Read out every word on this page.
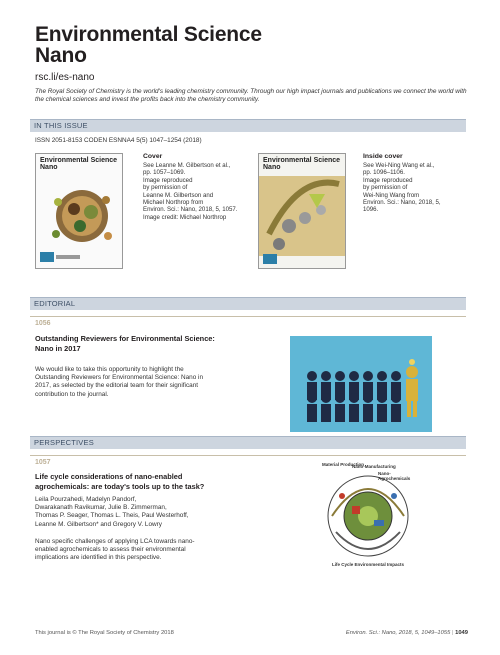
Environmental Science
Nano
rsc.li/es-nano
The Royal Society of Chemistry is the world's leading chemistry community. Through our high impact journals and publications we connect the world with the chemical sciences and invest the profits back into the chemistry community.
IN THIS ISSUE
ISSN 2051-8153 CODEN ESNNA4 5(5) 1047–1254 (2018)
Environmental Science Nano
Cover
See Leanne M. Gilbertson et al.,
pp. 1057–1069.
Image reproduced
by permission of
Leanne M. Gilbertson and
Michael Northrop from
Environ. Sci.: Nano, 2018, 5, 1057.
Image credit: Michael Northrop
Environmental Science Nano
Inside cover
See Wei-Ning Wang et al.,
pp. 1096–1106.
Image reproduced
by permission of
Wei-Ning Wang from
Environ. Sci.: Nano, 2018, 5,
1096.
EDITORIAL
1056
Outstanding Reviewers for Environmental Science:
Nano in 2017
We would like to take this opportunity to highlight the
Outstanding Reviewers for Environmental Science: Nano in
2017, as selected by the editorial team for their significant
contribution to the journal.
PERSPECTIVES
1057
Life cycle considerations of nano-enabled
agrochemicals: are today's tools up to the task?
Leila Pourzahedi, Madelyn Pandorf,
Dwarakanath Ravikumar, Julie B. Zimmerman,
Thomas P. Seager, Thomas L. Theis, Paul Westerhoff,
Leanne M. Gilbertson* and Gregory V. Lowry
Nano specific challenges of applying LCA towards nano-
enabled agrochemicals to assess their environmental
implications are identified in this perspective.
Material Production
Nano-Manufacturing
Nano-Agrochemicals
Life Cycle Environmental Impacts
This journal is © The Royal Society of Chemistry 2018	Environ. Sci.: Nano, 2018, 5, 1049–1055 | 1049
